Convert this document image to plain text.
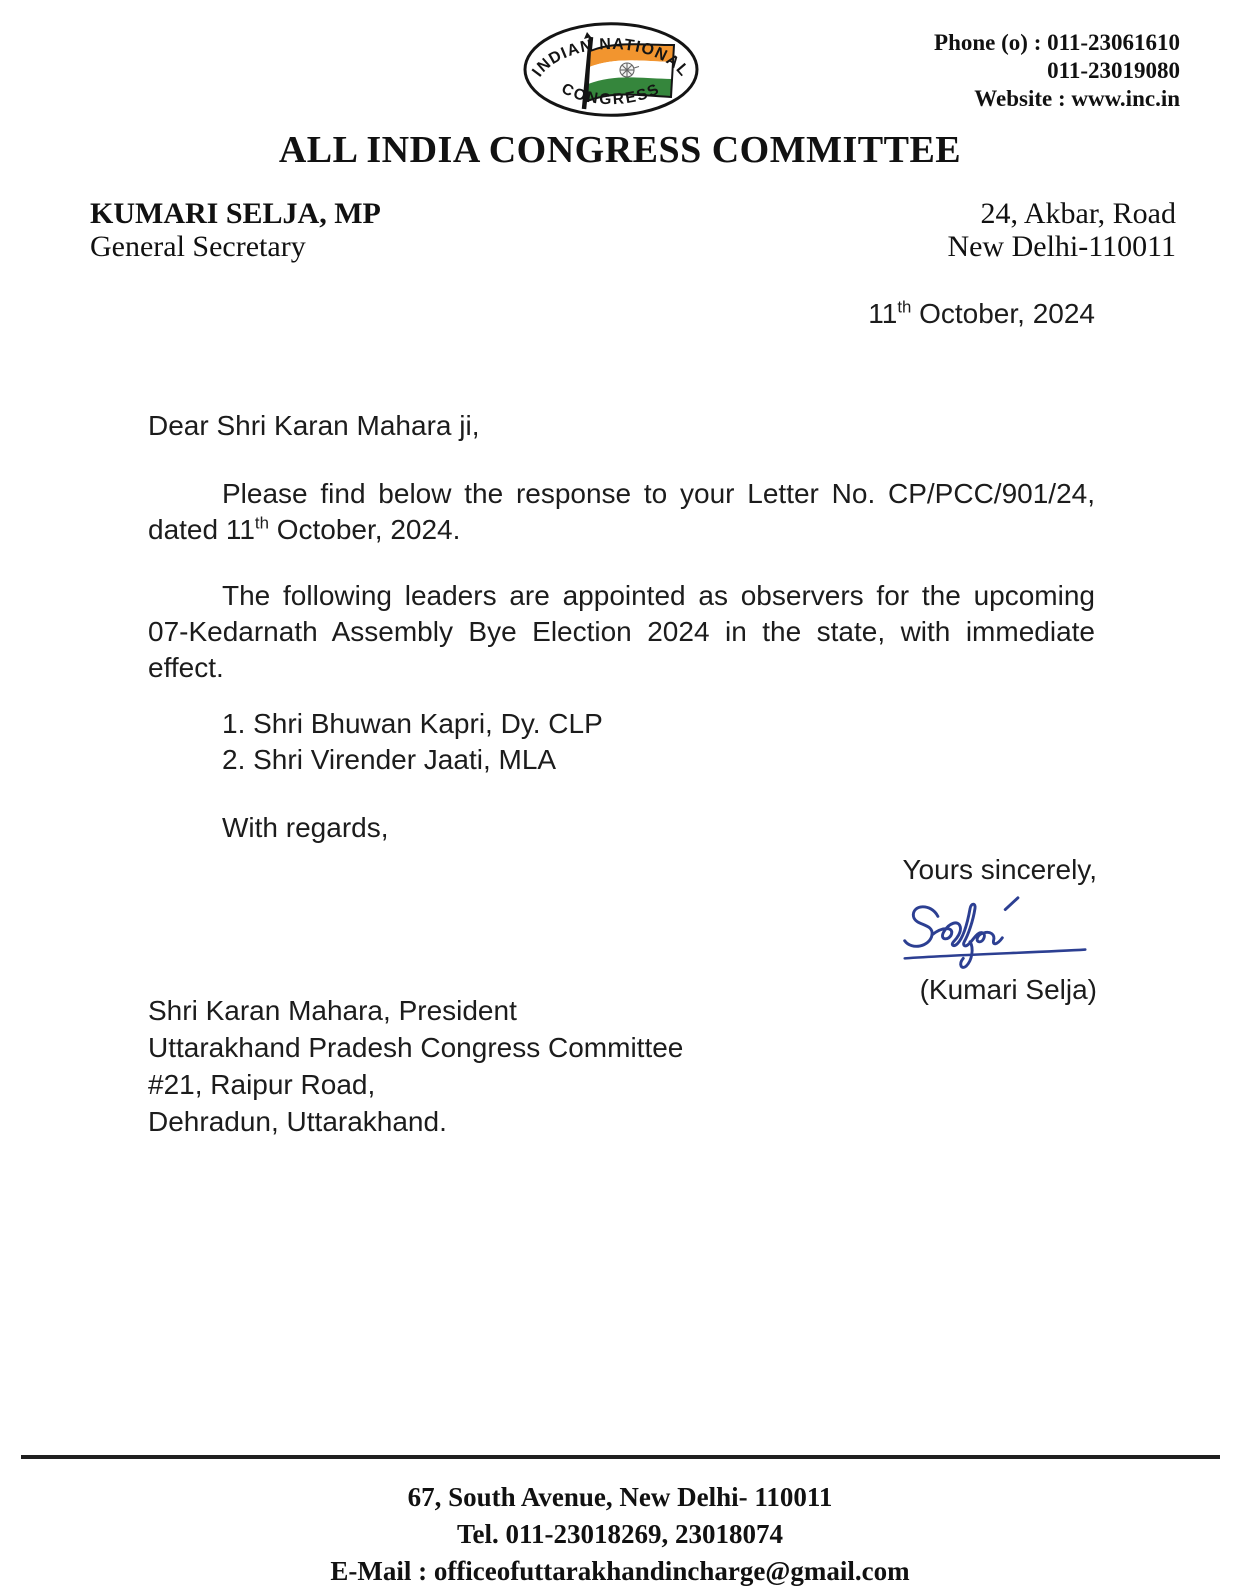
INDIAN NATIONAL
CONGRESS
Phone (o) : 011-23061610
011-23019080
Website : www.inc.in
ALL INDIA CONGRESS COMMITTEE
KUMARI SELJA, MP
General Secretary
24, Akbar, Road
New Delhi-110011
11th October, 2024

Dear Shri Karan Mahara ji,

Please find below the response to your Letter No. CP/PCC/901/24, dated 11th October, 2024.

The following leaders are appointed as observers for the upcoming 07-Kedarnath Assembly Bye Election 2024 in the state, with immediate effect.

1. Shri Bhuwan Kapri, Dy. CLP
2. Shri Virender Jaati, MLA

With regards,

Yours sincerely,
(Kumari Selja)
Shri Karan Mahara, President
Uttarakhand Pradesh Congress Committee
#21, Raipur Road,
Dehradun, Uttarakhand.
67, South Avenue, New Delhi- 110011
Tel. 011-23018269, 23018074
E-Mail : officeofuttarakhandincharge@gmail.com
